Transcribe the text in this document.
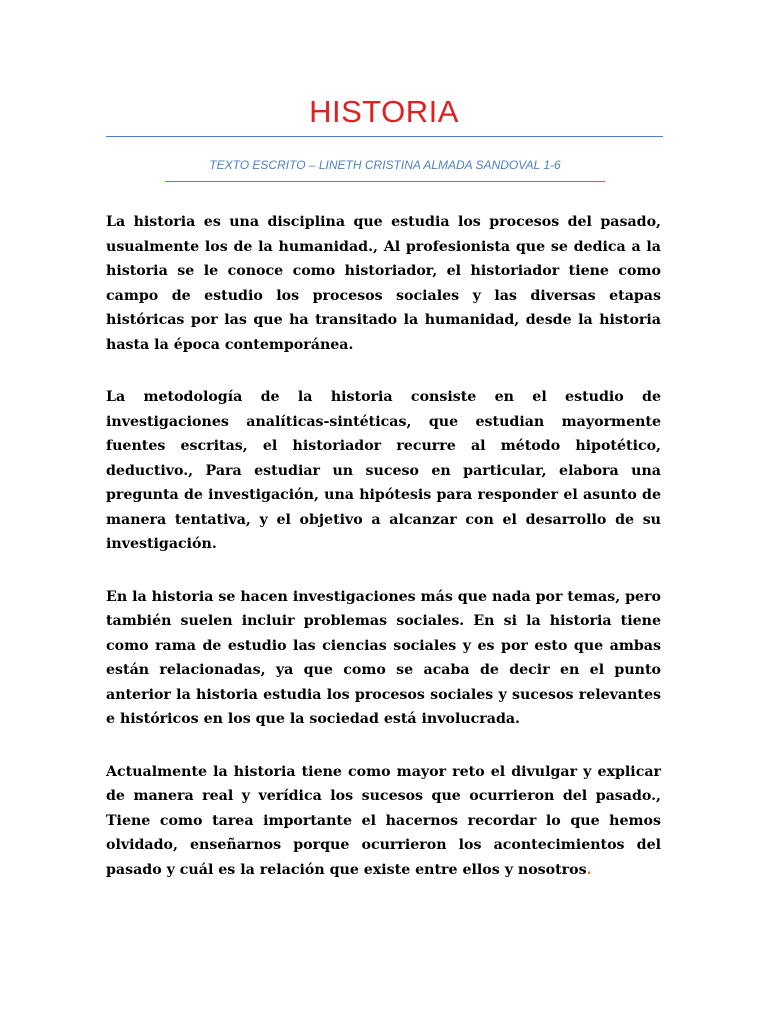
HISTORIA
TEXTO ESCRITO – LINETH CRISTINA ALMADA SANDOVAL 1-6

La historia es una disciplina que estudia los procesos del pasado, usualmente los de la humanidad., Al profesionista que se dedica a la historia se le conoce como historiador, el historiador tiene como campo de estudio los procesos sociales y las diversas etapas históricas por las que ha transitado la humanidad, desde la historia hasta la época contemporánea.

La metodología de la historia consiste en el estudio de investigaciones analíticas-sintéticas, que estudian mayormente fuentes escritas, el historiador recurre al método hipotético, deductivo., Para estudiar un suceso en particular, elabora una pregunta de investigación, una hipótesis para responder el asunto de manera tentativa, y el objetivo a alcanzar con el desarrollo de su investigación.

En la historia se hacen investigaciones más que nada por temas, pero también suelen incluir problemas sociales. En si la historia tiene como rama de estudio las ciencias sociales y es por esto que ambas están relacionadas, ya que como se acaba de decir en el punto anterior la historia estudia los procesos sociales y sucesos relevantes e históricos en los que la sociedad está involucrada.

Actualmente la historia tiene como mayor reto el divulgar y explicar de manera real y verídica los sucesos que ocurrieron del pasado., Tiene como tarea importante el hacernos recordar lo que hemos olvidado, enseñarnos porque ocurrieron los acontecimientos del pasado y cuál es la relación que existe entre ellos y nosotros.
